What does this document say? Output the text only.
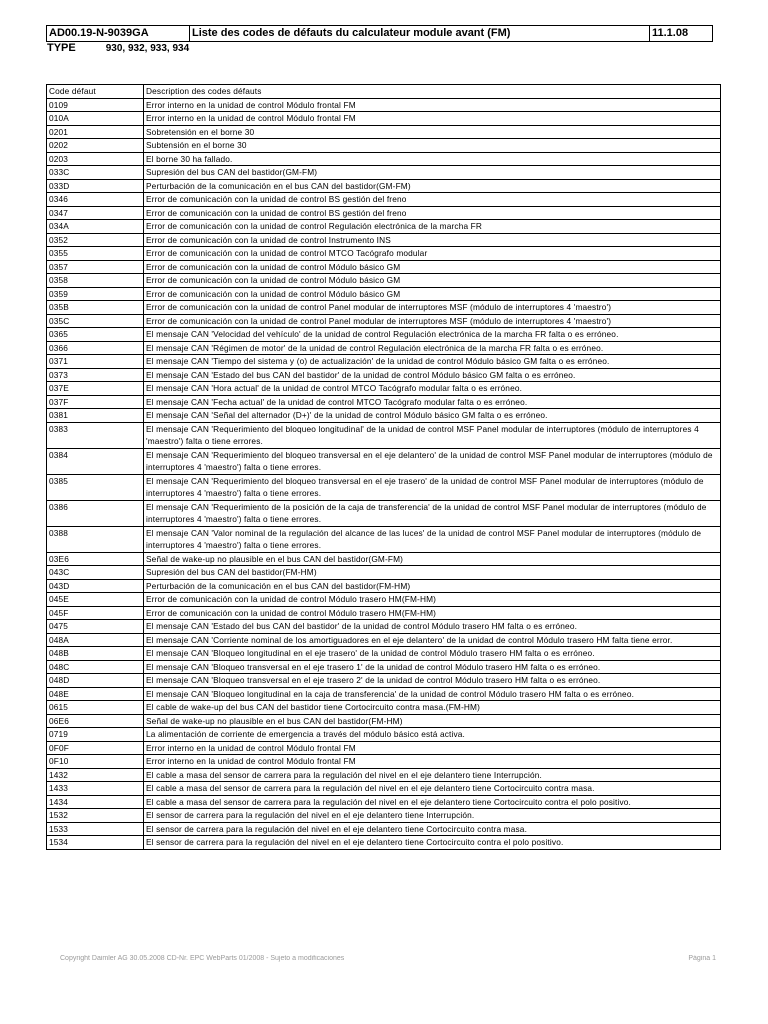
AD00.19-N-9039GA	Liste des codes de défauts du calculateur module avant (FM)	11.1.08
TYPE	930, 932, 933, 934
Code défaut	Description des codes défauts
0109	Error interno en la unidad de control Módulo frontal FM
010A	Error interno en la unidad de control Módulo frontal FM
0201	Sobretensión en el borne 30
0202	Subtensión en el borne 30
0203	El borne 30 ha fallado.
033C	Supresión del bus CAN del bastidor(GM-FM)
033D	Perturbación de la comunicación en el bus CAN del bastidor(GM-FM)
0346	Error de comunicación con la unidad de control BS gestión del freno
0347	Error de comunicación con la unidad de control BS gestión del freno
034A	Error de comunicación con la unidad de control Regulación electrónica de la marcha FR
0352	Error de comunicación con la unidad de control Instrumento INS
0355	Error de comunicación con la unidad de control MTCO Tacógrafo modular
0357	Error de comunicación con la unidad de control Módulo básico GM
0358	Error de comunicación con la unidad de control Módulo básico GM
0359	Error de comunicación con la unidad de control Módulo básico GM
035B	Error de comunicación con la unidad de control Panel modular de interruptores MSF (módulo de interruptores 4 'maestro')
035C	Error de comunicación con la unidad de control Panel modular de interruptores MSF (módulo de interruptores 4 'maestro')
0365	El mensaje CAN 'Velocidad del vehículo' de la unidad de control Regulación electrónica de la marcha FR falta o es erróneo.
0366	El mensaje CAN 'Régimen de motor' de la unidad de control Regulación electrónica de la marcha FR falta o es erróneo.
0371	El mensaje CAN 'Tiempo del sistema y (o) de actualización' de la unidad de control Módulo básico GM falta o es erróneo.
0373	El mensaje CAN 'Estado del bus CAN del bastidor' de la unidad de control Módulo básico GM falta o es erróneo.
037E	El mensaje CAN 'Hora actual' de la unidad de control MTCO Tacógrafo modular falta o es erróneo.
037F	El mensaje CAN 'Fecha actual' de la unidad de control MTCO Tacógrafo modular falta o es erróneo.
0381	El mensaje CAN 'Señal del alternador (D+)' de la unidad de control Módulo básico GM falta o es erróneo.
0383	El mensaje CAN 'Requerimiento del bloqueo longitudinal' de la unidad de control MSF Panel modular de interruptores (módulo de interruptores 4 'maestro') falta o tiene errores.
0384	El mensaje CAN 'Requerimiento del bloqueo transversal en el eje delantero' de la unidad de control MSF Panel modular de interruptores (módulo de interruptores 4 'maestro') falta o tiene errores.
0385	El mensaje CAN 'Requerimiento del bloqueo transversal en el eje trasero' de la unidad de control MSF Panel modular de interruptores (módulo de interruptores 4 'maestro') falta o tiene errores.
0386	El mensaje CAN 'Requerimiento de la posición de la caja de transferencia' de la unidad de control MSF Panel modular de interruptores (módulo de interruptores 4 'maestro') falta o tiene errores.
0388	El mensaje CAN 'Valor nominal de la regulación del alcance de las luces' de la unidad de control MSF Panel modular de interruptores (módulo de interruptores 4 'maestro') falta o tiene errores.
03E6	Señal de wake-up no plausible en el bus CAN del bastidor(GM-FM)
043C	Supresión del bus CAN del bastidor(FM-HM)
043D	Perturbación de la comunicación en el bus CAN del bastidor(FM-HM)
045E	Error de comunicación con la unidad de control Módulo trasero HM(FM-HM)
045F	Error de comunicación con la unidad de control Módulo trasero HM(FM-HM)
0475	El mensaje CAN 'Estado del bus CAN del bastidor' de la unidad de control Módulo trasero HM falta o es erróneo.
048A	El mensaje CAN 'Corriente nominal de los amortiguadores en el eje delantero' de la unidad de control Módulo trasero HM falta tiene error.
048B	El mensaje CAN 'Bloqueo longitudinal en el eje trasero' de la unidad de control Módulo trasero HM falta o es erróneo.
048C	El mensaje CAN 'Bloqueo transversal en el eje trasero 1' de la unidad de control Módulo trasero HM falta o es erróneo.
048D	El mensaje CAN 'Bloqueo transversal en el eje trasero 2' de la unidad de control Módulo trasero HM falta o es erróneo.
048E	El mensaje CAN 'Bloqueo longitudinal en la caja de transferencia' de la unidad de control Módulo trasero HM falta o es erróneo.
0615	El cable de wake-up del bus CAN del bastidor tiene Cortocircuito contra masa.(FM-HM)
06E6	Señal de wake-up no plausible en el bus CAN del bastidor(FM-HM)
0719	La alimentación de corriente de emergencia a través del módulo básico está activa.
0F0F	Error interno en la unidad de control Módulo frontal FM
0F10	Error interno en la unidad de control Módulo frontal FM
1432	El cable a masa del sensor de carrera para la regulación del nivel en el eje delantero tiene Interrupción.
1433	El cable a masa del sensor de carrera para la regulación del nivel en el eje delantero tiene Cortocircuito contra masa.
1434	El cable a masa del sensor de carrera para la regulación del nivel en el eje delantero tiene Cortocircuito contra el polo positivo.
1532	El sensor de carrera para la regulación del nivel en el eje delantero tiene Interrupción.
1533	El sensor de carrera para la regulación del nivel en el eje delantero tiene Cortocircuito contra masa.
1534	El sensor de carrera para la regulación del nivel en el eje delantero tiene Cortocircuito contra el polo positivo.
Copyright Daimler AG 30.05.2008 CD-Nr. EPC WebParts 01/2008 - Sujeto a modificaciones	Página 1
